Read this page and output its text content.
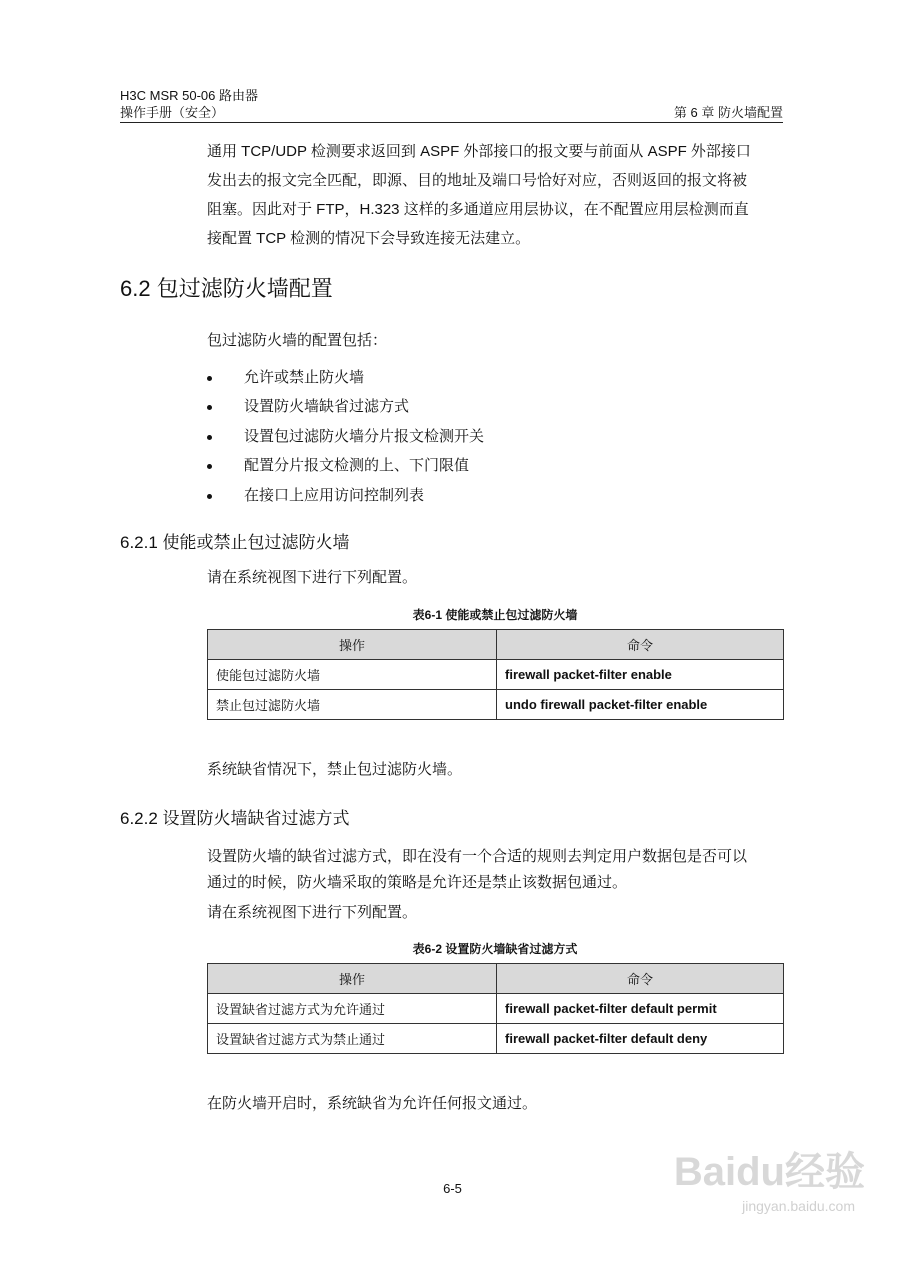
H3C MSR 50-06 路由器
操作手册（安全）	第 6 章 防火墙配置
通用 TCP/UDP 检测要求返回到 ASPF 外部接口的报文要与前面从 ASPF 外部接口
发出去的报文完全匹配，即源、目的地址及端口号恰好对应，否则返回的报文将被
阻塞。因此对于 FTP，H.323 这样的多通道应用层协议，在不配置应用层检测而直
接配置 TCP 检测的情况下会导致连接无法建立。
6.2 包过滤防火墙配置
包过滤防火墙的配置包括：
允许或禁止防火墙
设置防火墙缺省过滤方式
设置包过滤防火墙分片报文检测开关
配置分片报文检测的上、下门限值
在接口上应用访问控制列表
6.2.1 使能或禁止包过滤防火墙
请在系统视图下进行下列配置。
表6-1 使能或禁止包过滤防火墙
操作	命令
使能包过滤防火墙	firewall packet-filter enable
禁止包过滤防火墙	undo firewall packet-filter enable
系统缺省情况下，禁止包过滤防火墙。
6.2.2 设置防火墙缺省过滤方式
设置防火墙的缺省过滤方式，即在没有一个合适的规则去判定用户数据包是否可以
通过的时候，防火墙采取的策略是允许还是禁止该数据包通过。
请在系统视图下进行下列配置。
表6-2 设置防火墙缺省过滤方式
操作	命令
设置缺省过滤方式为允许通过	firewall packet-filter default permit
设置缺省过滤方式为禁止通过	firewall packet-filter default deny
在防火墙开启时，系统缺省为允许任何报文通过。
6-5	Baidu经验
jingyan.baidu.com
